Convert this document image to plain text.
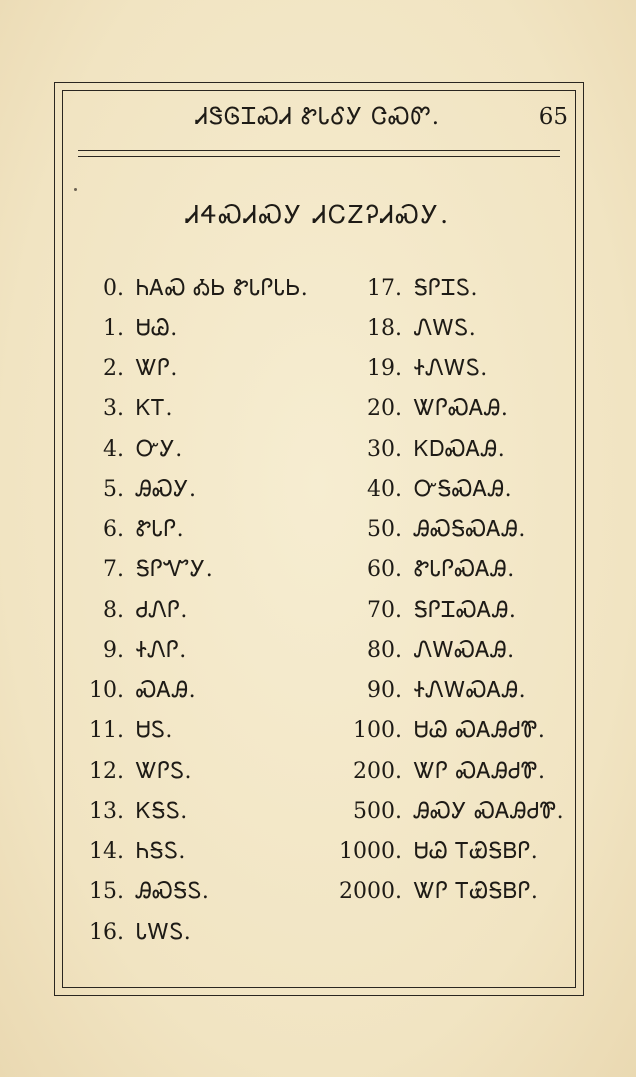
ᏗᏕᎶᏆᏍᏗ ᏑᏓᎴᎩ ᏣᏍᏛ.	65
ᏗᏎᏍᏗᏍᎩ ᏗᏟᏃᎮᏗᏍᎩ.
0. ᏂᎪᏍ ᎣᏏ ᏑᏓᎵᏓᏏ.
1. ᏌᏊ.
2. ᏔᎵ.
3. ᏦᎢ.
4. ᏅᎩ.
5. ᎯᏍᎩ.
6. ᏑᏓᎵ.
7. ᎦᎵᏉᎩ.
8. ᏧᏁᎵ.
9. ᏐᏁᎵ.
10. ᏍᎪᎯ.
11. ᏌᏚ.
12. ᏔᎵᏚ.
13. ᏦᎦᏚ.
14. ᏂᎦᏚ.
15. ᎯᏍᎦᏚ.
16. ᏓᎳᏚ.
17. ᎦᎵᏆᏚ.
18. ᏁᎳᏚ.
19. ᏐᏁᎳᏚ.
20. ᏔᎵᏍᎪᎯ.
30. ᏦᎠᏍᎪᎯ.
40. ᏅᎦᏍᎪᎯ.
50. ᎯᏍᎦᏍᎪᎯ.
60. ᏑᏓᎵᏍᎪᎯ.
70. ᎦᎵᏆᏍᎪᎯ.
80. ᏁᎳᏍᎪᎯ.
90. ᏐᏁᎳᏍᎪᎯ.
100. ᏌᏊ ᏍᎪᎯᏧᏈ.
200. ᏔᎵ ᏍᎪᎯᏧᏈ.
500. ᎯᏍᎩ ᏍᎪᎯᏧᏈ.
1000. ᏌᏊ ᎢᏯᎦᏴᎵ.
2000. ᏔᎵ ᎢᏯᎦᏴᎵ.
